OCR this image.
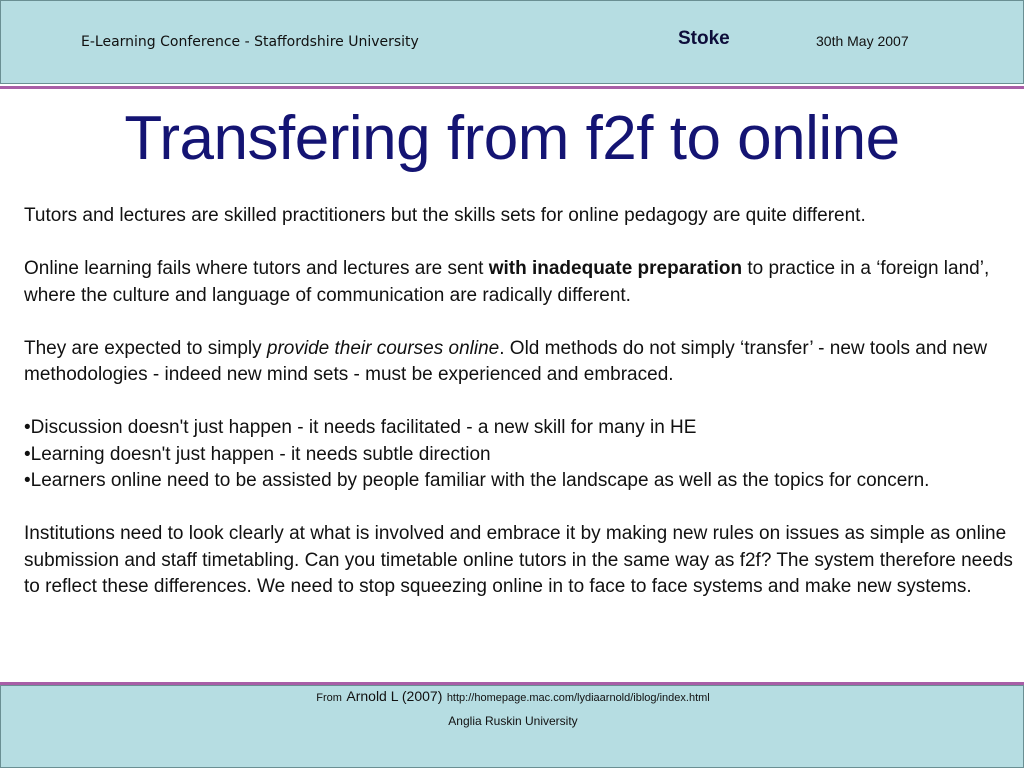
E-Learning Conference - Staffordshire University	Stoke	30th May 2007
Transfering from f2f to online

Tutors and lectures are skilled practitioners but the skills sets for online pedagogy are quite different.

Online learning fails where tutors and lectures are sent with inadequate preparation to practice in a ‘foreign land’, where the culture and language of communication are radically different.

They are expected to simply provide their courses online. Old methods do not simply ‘transfer’ - new tools and new methodologies - indeed new mind sets - must be experienced and embraced.

•Discussion doesn't just happen - it needs facilitated - a new skill for many in HE

•Learning doesn't just happen - it needs subtle direction

•Learners online need to be assisted by people familiar with the landscape as well as the topics for concern.

Institutions need to look clearly at what is involved and embrace it by making new rules on issues as simple as online submission and staff timetabling. Can you timetable online tutors in the same way as f2f? The system therefore needs to reflect these differences. We need to stop squeezing online in to face to face systems and make new systems.

From Arnold L (2007) http://homepage.mac.com/lydiaarnold/iblog/index.html
Anglia Ruskin University
